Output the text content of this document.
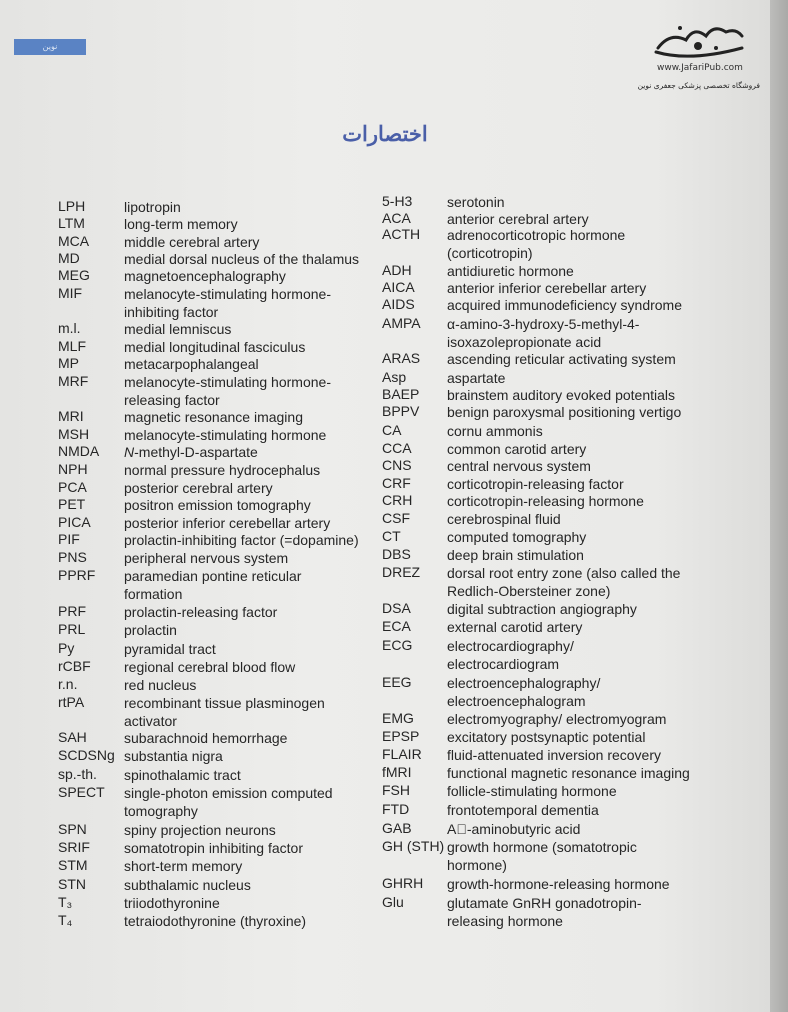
نوین
www.JafariPub.com
فروشگاه تخصصی پزشکی جعفری نوین
اختصارات
LPH	lipotropin
LTM	long-term memory
MCA middle cerebral artery
MD	medial dorsal nucleus of the thalamus
MEG magnetoencephalography
MIF	melanocyte-stimulating hormone-
inhibiting factor
m.l.	medial lemniscus
MLF	medial longitudinal fasciculus
MP	metacarpophalangeal
MRF	melanocyte-stimulating hormone-
releasing factor
MRI	magnetic resonance imaging
MSH melanocyte-stimulating hormone
NMDA N-methyl-D-aspartate
NPH	normal pressure hydrocephalus
PCA	posterior cerebral artery
PET	positron emission tomography
PICA posterior inferior cerebellar artery
PIF	prolactin-inhibiting factor (=dopamine)
PNS	peripheral nervous system
PPRF paramedian pontine reticular
formation
PRF	prolactin-releasing factor
PRL	prolactin
Py	pyramidal tract
rCBF regional cerebral blood flow
r.n.	red nucleus
rtPA	recombinant tissue plasminogen
activator
SAH	subarachnoid hemorrhage
SCDSNg substantia nigra
sp.-th. spinothalamic tract
SPECT single-photon emission computed
tomography
SPN	spiny projection neurons
SRIF somatotropin inhibiting factor
STM	short-term memory
STN	subthalamic nucleus
T₃	triiodothyronine
T₄	tetraiodothyronine (thyroxine)
5-H3 serotonin
ACA	anterior cerebral artery
ACTH adrenocorticotropic hormone
(corticotropin)
ADH	antidiuretic hormone
AICA anterior inferior cerebellar artery
AIDS acquired immunodeficiency syndrome
AMPA α-amino-3-hydroxy-5-methyl-4-
isoxazolepropionate acid
ARAS ascending reticular activating system
Asp	aspartate
BAEP brainstem auditory evoked potentials
BPPV benign paroxysmal positioning vertigo
CA	cornu ammonis
CCA	common carotid artery
CNS	central nervous system
CRF	corticotropin-releasing factor
CRH corticotropin-releasing hormone
CSF	cerebrospinal fluid
CT	computed tomography
DBS	deep brain stimulation
DREZ dorsal root entry zone (also called the
Redlich-Obersteiner zone)
DSA	digital subtraction angiography
ECA	external carotid artery
ECG electrocardiography/
electrocardiogram
EEG	electroencephalography/
electroencephalogram
EMG electromyography/ electromyogram
EPSP excitatory postsynaptic potential
FLAIR fluid-attenuated inversion recovery
fMRI	functional magnetic resonance imaging
FSH	follicle-stimulating hormone
FTD	frontotemporal dementia
GAB	A -aminobutyric acid
GH (STH) growth hormone (somatotropic
hormone)
GHRH growth-hormone-releasing hormone
Glu	glutamate GnRH gonadotropin-
releasing hormone
